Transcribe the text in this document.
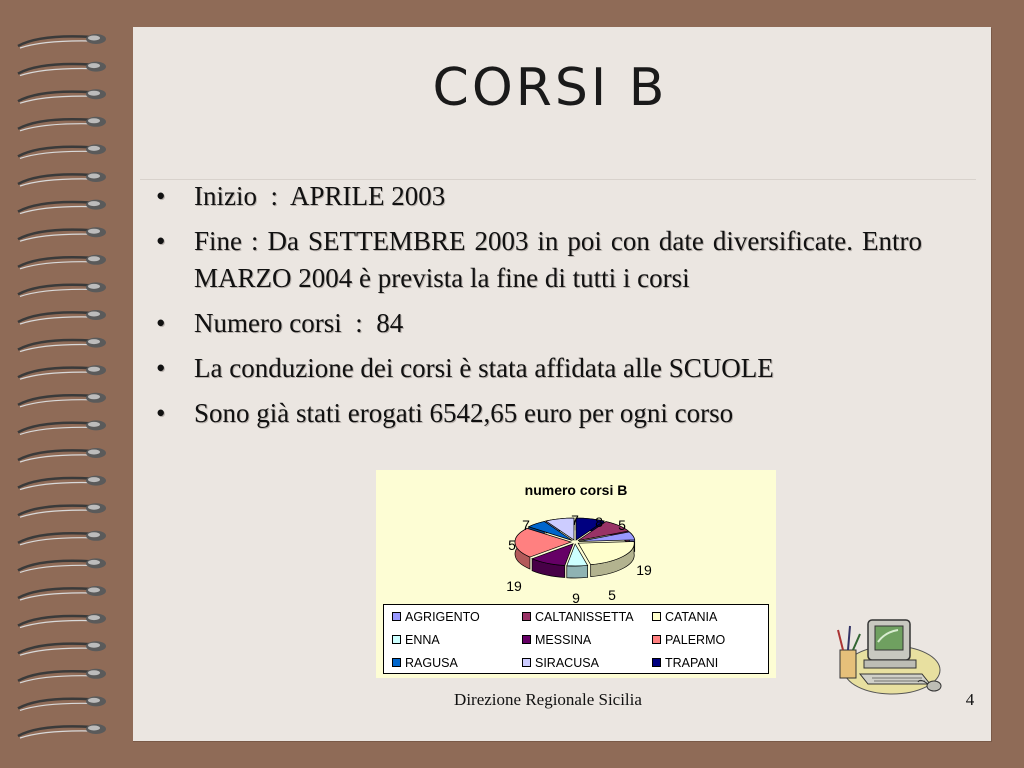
CORSI B
• Inizio  :  APRILE 2003
• Fine : Da SETTEMBRE 2003 in poi con date diversificate. Entro MARZO 2004 è prevista la fine di tutti i corsi
• Numero corsi  :  84
• La conduzione dei corsi è stata affidata alle SCUOLE
• Sono già stati erogati 6542,65 euro per ogni corso
numero corsi B
7 8 5
19
5
9
19
5
7
AGRIGENTO	CALTANISSETTA	CATANIA
ENNA	MESSINA	PALERMO
RAGUSA	SIRACUSA	TRAPANI
Direzione Regionale Sicilia	4
